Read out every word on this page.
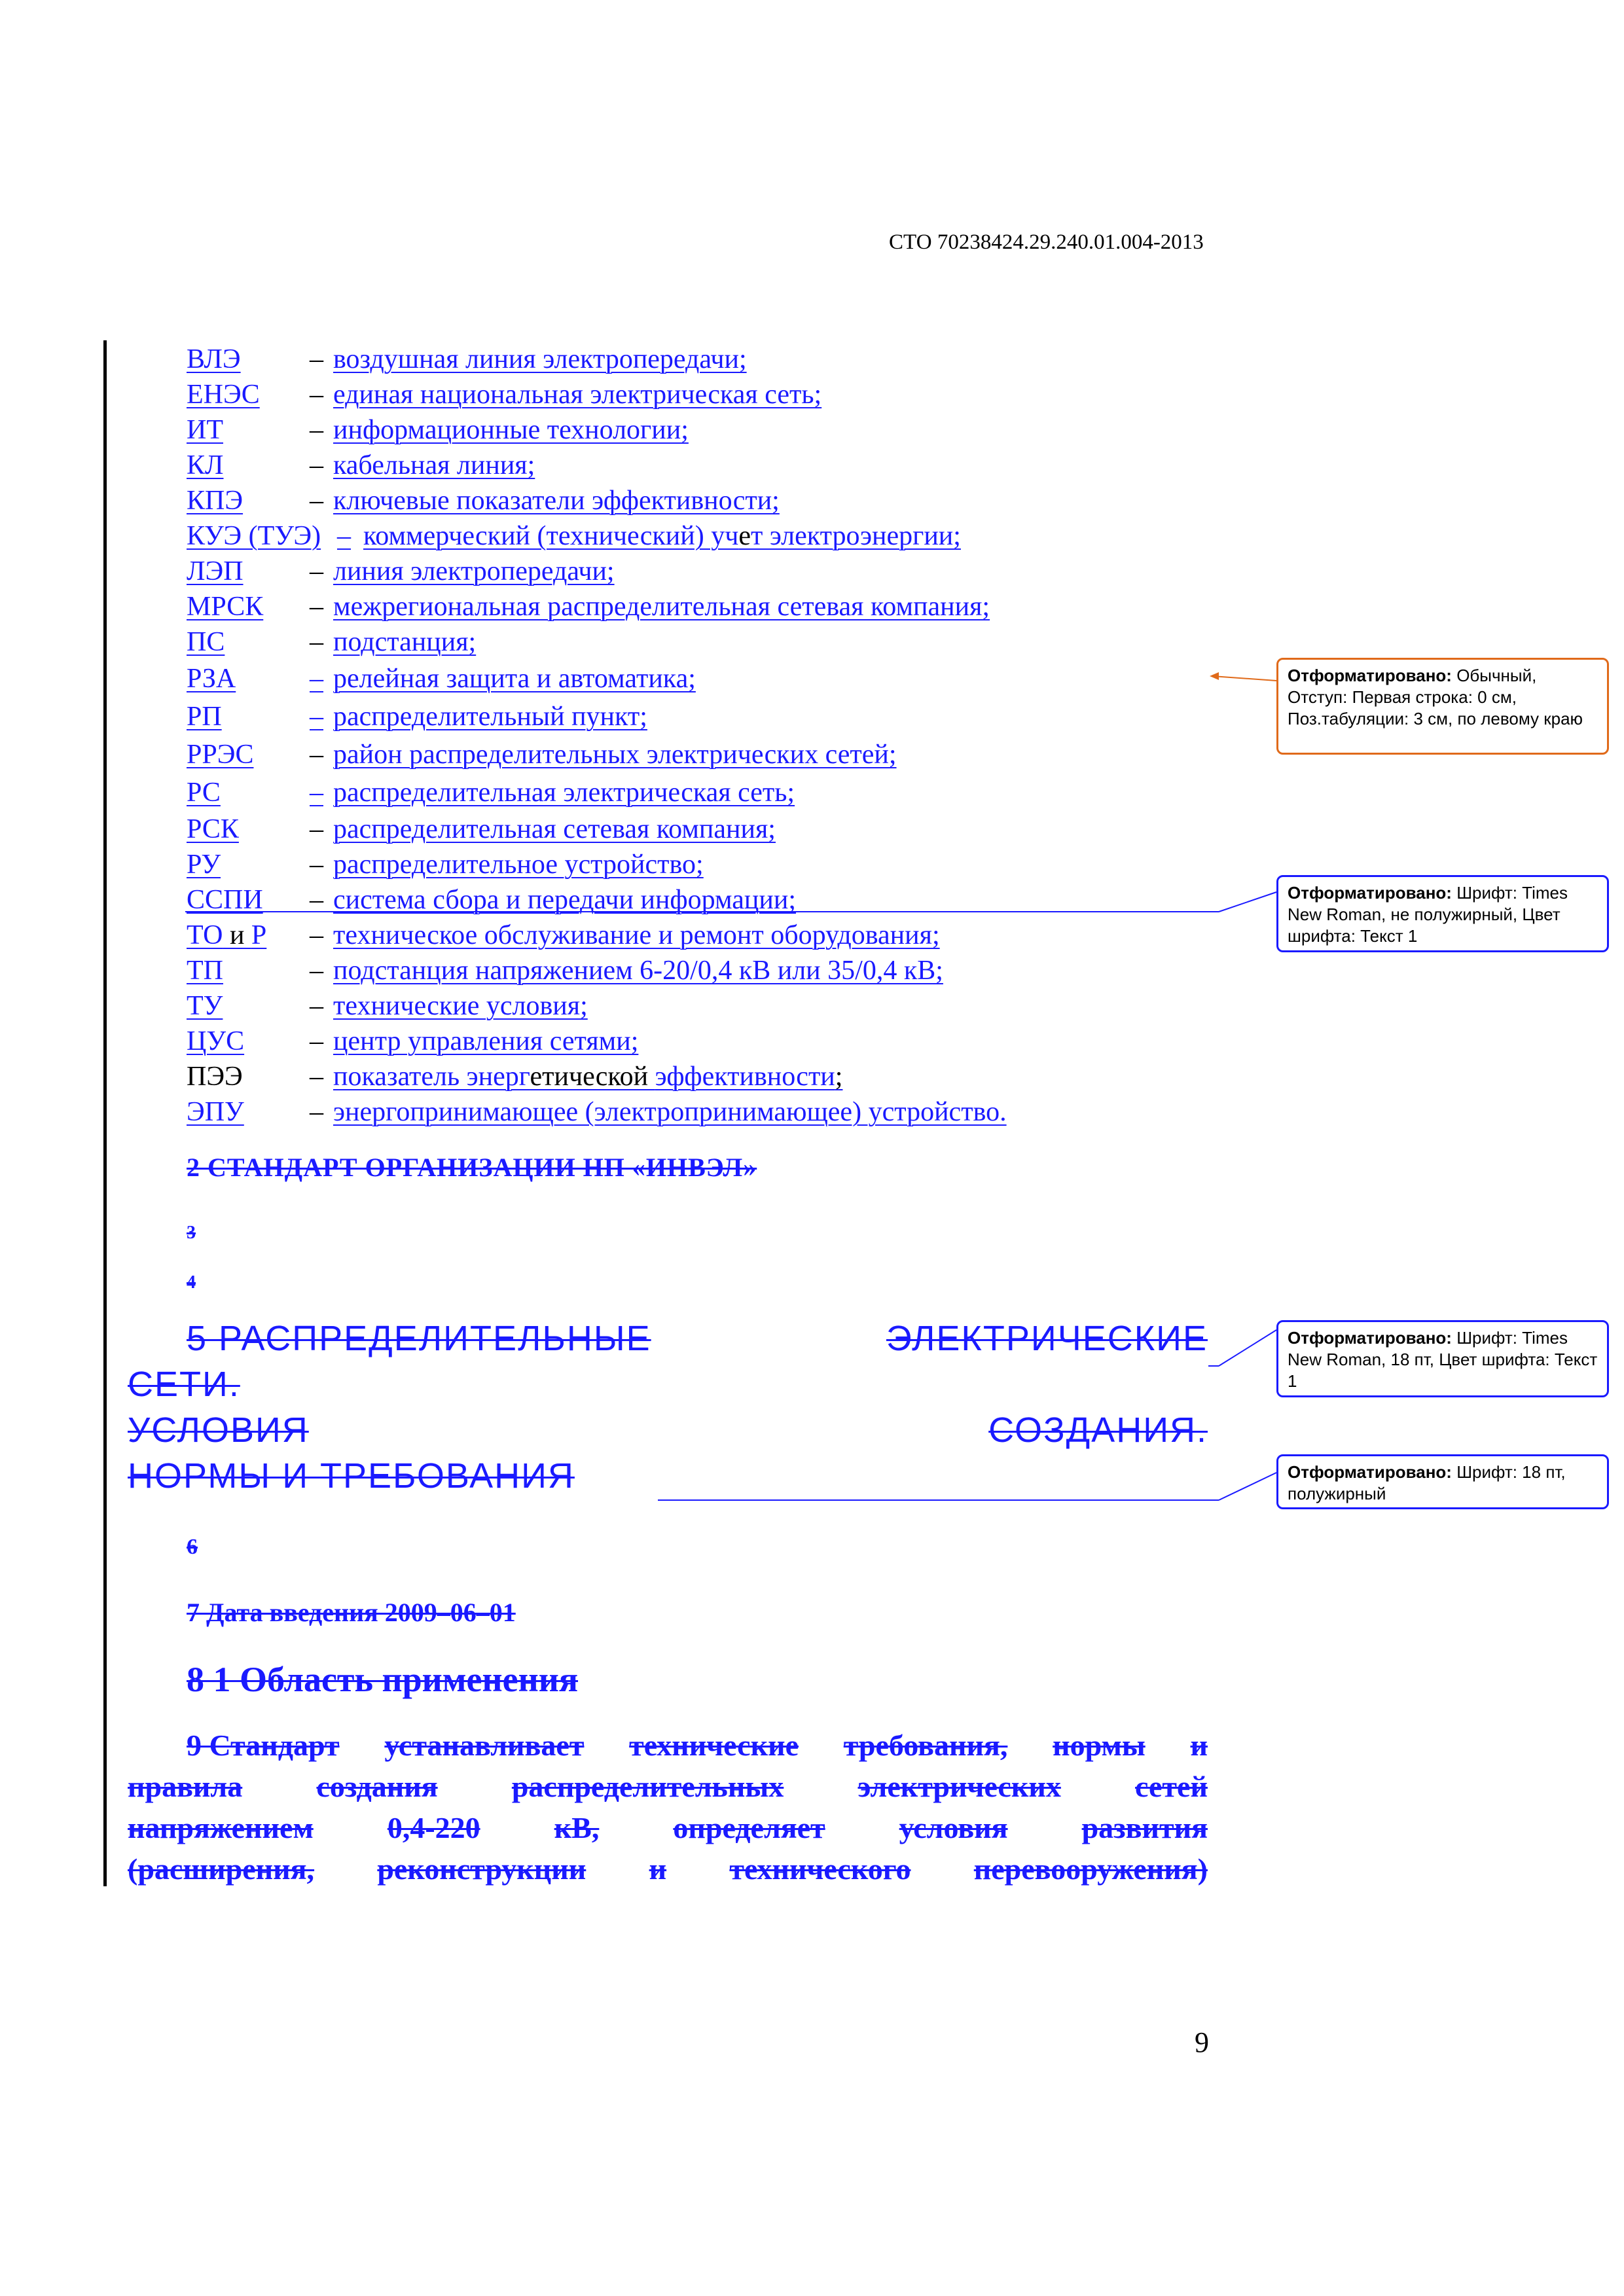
СТО 70238424.29.240.01.004-2013
ВЛЭ	– воздушная линия электропередачи;
ЕНЭС – единая национальная электрическая сеть;
ИТ	– информационные технологии;
КЛ	– кабельная линия;
КПЭ – ключевые показатели эффективности;
КУЭ (ТУЭ) – коммерческий (технический) учет электроэнергии;
ЛЭП – линия электропередачи;
МРСК – межрегиональная распределительная сетевая компания;
ПС	– подстанция;
РЗА	– релейная защита и автоматика;
РП	– распределительный пункт;
РРЭС – район распределительных электрических сетей;
РС	– распределительная электрическая сеть;
РСК	– распределительная сетевая компания;
РУ	– распределительное устройство;
ССПИ – система сбора и передачи информации;
ТО и Р – техническое обслуживание и ремонт оборудования;
ТП	– подстанция напряжением 6-20/0,4 кВ или 35/0,4 кВ;
ТУ	– технические условия;
ЦУС – центр управления сетями;
ПЭЭ – показатель энергетической эффективности;
ЭПУ – энергопринимающее (электропринимающее) устройство.
2 СТАНДАРТ ОРГАНИЗАЦИИ НП «ИНВЭЛ»
3
4
5 РАСПРЕДЕЛИТЕЛЬНЫЕ	ЭЛЕКТРИЧЕСКИЕ
СЕТИ.
УСЛОВИЯ	СОЗДАНИЯ.
НОРМЫ И ТРЕБОВАНИЯ
6
7 Дата введения 2009–06–01
8 1 Область применения
9 Стандарт устанавливает технические требования, нормы и
правила создания распределительных электрических сетей
напряжением 0,4-220 кВ, определяет условия развития
(расширения, реконструкции и технического перевооружения)
Отформатировано: Обычный, Отступ: Первая строка: 0 см, Поз.табуляции: 3 см, по левому краю
Отформатировано: Шрифт: Times New Roman, не полужирный, Цвет шрифта: Текст 1
Отформатировано: Шрифт: Times New Roman, 18 пт, Цвет шрифта: Текст 1
Отформатировано: Шрифт: 18 пт, полужирный
9
